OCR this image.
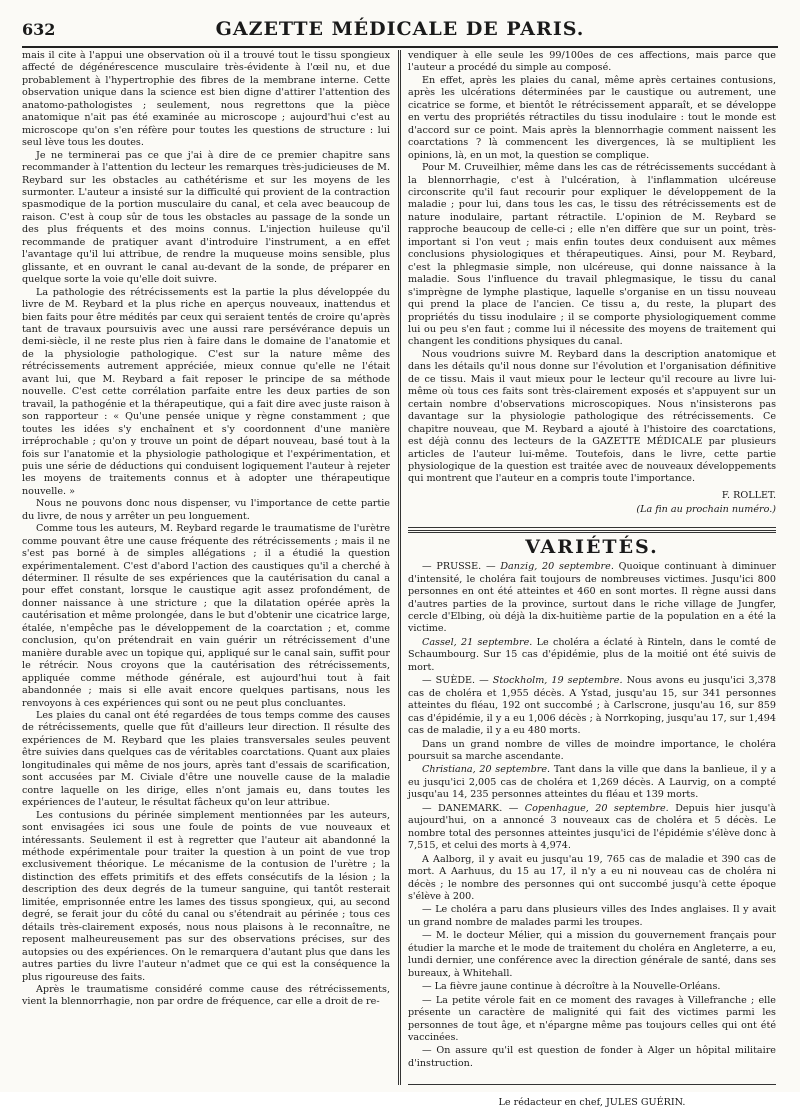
632	GAZETTE MÉDICALE DE PARIS.

mais il cite à l'appui une observation où il a trouvé tout le tissu spongieux affecté de dégénérescence musculaire très-évidente à l'œil nu, et due probablement à l'hypertrophie des fibres de la membrane interne. Cette observation unique dans la science est bien digne d'attirer l'attention des anatomo-pathologistes ; seulement, nous regrettons que la pièce anatomique n'ait pas été examinée au microscope ; aujourd'hui c'est au microscope qu'on s'en réfère pour toutes les questions de structure : lui seul lève tous les doutes.

Je ne terminerai pas ce que j'ai à dire de ce premier chapitre sans recommander à l'attention du lecteur les remarques très-judicieuses de M. Reybard sur les obstacles au cathétérisme et sur les moyens de les surmonter. L'auteur a insisté sur la difficulté qui provient de la contraction spasmodique de la portion musculaire du canal, et cela avec beaucoup de raison. C'est à coup sûr de tous les obstacles au passage de la sonde un des plus fréquents et des moins connus. L'injection huileuse qu'il recommande de pratiquer avant d'introduire l'instrument, a en effet l'avantage qu'il lui attribue, de rendre la muqueuse moins sensible, plus glissante, et en ouvrant le canal au-devant de la sonde, de préparer en quelque sorte la voie qu'elle doit suivre.

La pathologie des rétrécissements est la partie la plus développée du livre de M. Reybard et la plus riche en aperçus nouveaux, inattendus et bien faits pour être médités par ceux qui seraient tentés de croire qu'après tant de travaux poursuivis avec une aussi rare persévérance depuis un demi-siècle, il ne reste plus rien à faire dans le domaine de l'anatomie et de la physiologie pathologique. C'est sur la nature même des rétrécissements autrement appréciée, mieux connue qu'elle ne l'était avant lui, que M. Reybard a fait reposer le principe de sa méthode nouvelle. C'est cette corrélation parfaite entre les deux parties de son travail, la pathogénie et la thérapeutique, qui a fait dire avec juste raison à son rapporteur : « Qu'une pensée unique y règne constamment ; que toutes les idées s'y enchaînent et s'y coordonnent d'une manière irréprochable ; qu'on y trouve un point de départ nouveau, basé tout à la fois sur l'anatomie et la physiologie pathologique et l'expérimentation, et puis une série de déductions qui conduisent logiquement l'auteur à rejeter les moyens de traitements connus et à adopter une thérapeutique nouvelle. »

Nous ne pouvons donc nous dispenser, vu l'importance de cette partie du livre, de nous y arrêter un peu longuement.

Comme tous les auteurs, M. Reybard regarde le traumatisme de l'urètre comme pouvant être une cause fréquente des rétrécissements ; mais il ne s'est pas borné à de simples allégations ; il a étudié la question expérimentalement. C'est d'abord l'action des caustiques qu'il a cherché à déterminer. Il résulte de ses expériences que la cautérisation du canal a pour effet constant, lorsque le caustique agit assez profondément, de donner naissance à une stricture ; que la dilatation opérée après la cautérisation et même prolongée, dans le but d'obtenir une cicatrice large, étalée, n'empêche pas le développement de la coarctation ; et, comme conclusion, qu'on prétendrait en vain guérir un rétrécissement d'une manière durable avec un topique qui, appliqué sur le canal sain, suffit pour le rétrécir. Nous croyons que la cautérisation des rétrécissements, appliquée comme méthode générale, est aujourd'hui tout à fait abandonnée ; mais si elle avait encore quelques partisans, nous les renvoyons à ces expériences qui sont ou ne peut plus concluantes.

Les plaies du canal ont été regardées de tous temps comme des causes de rétrécissements, quelle que fût d'ailleurs leur direction. Il résulte des expériences de M. Reybard que les plaies transversales seules peuvent être suivies dans quelques cas de véritables coarctations. Quant aux plaies longitudinales qui même de nos jours, après tant d'essais de scarification, sont accusées par M. Civiale d'être une nouvelle cause de la maladie contre laquelle on les dirige, elles n'ont jamais eu, dans toutes les expériences de l'auteur, le résultat fâcheux qu'on leur attribue.

Les contusions du périnée simplement mentionnées par les auteurs, sont envisagées ici sous une foule de points de vue nouveaux et intéressants. Seulement il est à regretter que l'auteur ait abandonné la méthode expérimentale pour traiter la question à un point de vue trop exclusivement théorique. Le mécanisme de la contusion de l'urètre ; la distinction des effets primitifs et des effets consécutifs de la lésion ; la description des deux degrés de la tumeur sanguine, qui tantôt resterait limitée, emprisonnée entre les lames des tissus spongieux, qui, au second degré, se ferait jour du côté du canal ou s'étendrait au périnée ; tous ces détails très-clairement exposés, nous nous plaisons à le reconnaître, ne reposent malheureusement pas sur des observations précises, sur des autopsies ou des expériences. On le remarquera d'autant plus que dans les autres parties du livre l'auteur n'admet que ce qui est la conséquence la plus rigoureuse des faits.

Après le traumatisme considéré comme cause des rétrécissements, vient la blennorrhagie, non par ordre de fréquence, car elle a droit de re-

vendiquer à elle seule les 99/100es de ces affections, mais parce que l'auteur a procédé du simple au composé.

En effet, après les plaies du canal, même après certaines contusions, après les ulcérations déterminées par le caustique ou autrement, une cicatrice se forme, et bientôt le rétrécissement apparaît, et se développe en vertu des propriétés rétractiles du tissu inodulaire : tout le monde est d'accord sur ce point. Mais après la blennorrhagie comment naissent les coarctations ? là commencent les divergences, là se multiplient les opinions, là, en un mot, la question se complique.

Pour M. Cruveilhier, même dans les cas de rétrécissements succédant à la blennorrhagie, c'est à l'ulcération, à l'inflammation ulcéreuse circonscrite qu'il faut recourir pour expliquer le développement de la maladie ; pour lui, dans tous les cas, le tissu des rétrécissements est de nature inodulaire, partant rétractile. L'opinion de M. Reybard se rapproche beaucoup de celle-ci ; elle n'en diffère que sur un point, très-important si l'on veut ; mais enfin toutes deux conduisent aux mêmes conclusions physiologiques et thérapeutiques. Ainsi, pour M. Reybard, c'est la phlegmasie simple, non ulcéreuse, qui donne naissance à la maladie. Sous l'influence du travail phlegmasique, le tissu du canal s'imprègne de lymphe plastique, laquelle s'organise en un tissu nouveau qui prend la place de l'ancien. Ce tissu a, du reste, la plupart des propriétés du tissu inodulaire ; il se comporte physiologiquement comme lui ou peu s'en faut ; comme lui il nécessite des moyens de traitement qui changent les conditions physiques du canal.

Nous voudrions suivre M. Reybard dans la description anatomique et dans les détails qu'il nous donne sur l'évolution et l'organisation définitive de ce tissu. Mais il vaut mieux pour le lecteur qu'il recoure au livre lui-même où tous ces faits sont très-clairement exposés et s'appuyent sur un certain nombre d'observations microscopiques. Nous n'insisterons pas davantage sur la physiologie pathologique des rétrécissements. Ce chapitre nouveau, que M. Reybard a ajouté à l'histoire des coarctations, est déjà connu des lecteurs de la GAZETTE MÉDICALE par plusieurs articles de l'auteur lui-même. Toutefois, dans le livre, cette partie physiologique de la question est traitée avec de nouveaux développements qui montrent que l'auteur en a compris toute l'importance.

F. ROLLET.

(La fin au prochain numéro.)

VARIÉTÉS.

— PRUSSE. — Danzig, 20 septembre. Quoique continuant à diminuer d'intensité, le choléra fait toujours de nombreuses victimes. Jusqu'ici 800 personnes en ont été atteintes et 460 en sont mortes. Il règne aussi dans d'autres parties de la province, surtout dans le riche village de Jungfer, cercle d'Elbing, où déjà la dix-huitième partie de la population en a été la victime.

Cassel, 21 septembre. Le choléra a éclaté à Rinteln, dans le comté de Schaumbourg. Sur 15 cas d'épidémie, plus de la moitié ont été suivis de mort.

— SUÈDE. — Stockholm, 19 septembre. Nous avons eu jusqu'ici 3,378 cas de choléra et 1,955 décès. A Ystad, jusqu'au 15, sur 341 personnes atteintes du fléau, 192 ont succombé ; à Carlscrone, jusqu'au 16, sur 859 cas d'épidémie, il y a eu 1,006 décès ; à Norrkoping, jusqu'au 17, sur 1,494 cas de maladie, il y a eu 480 morts.

Dans un grand nombre de villes de moindre importance, le choléra poursuit sa marche ascendante.

Christiana, 20 septembre. Tant dans la ville que dans la banlieue, il y a eu jusqu'ici 2,005 cas de choléra et 1,269 décès. A Laurvig, on a compté jusqu'au 14, 235 personnes atteintes du fléau et 139 morts.

— DANEMARK. — Copenhague, 20 septembre. Depuis hier jusqu'à aujourd'hui, on a annoncé 3 nouveaux cas de choléra et 5 décès. Le nombre total des personnes atteintes jusqu'ici de l'épidémie s'élève donc à 7,515, et celui des morts à 4,974.

A Aalborg, il y avait eu jusqu'au 19, 765 cas de maladie et 390 cas de mort. A Aarhuus, du 15 au 17, il n'y a eu ni nouveau cas de choléra ni décès ; le nombre des personnes qui ont succombé jusqu'à cette époque s'élève à 200.

— Le choléra a paru dans plusieurs villes des Indes anglaises. Il y avait un grand nombre de malades parmi les troupes.

— M. le docteur Mélier, qui a mission du gouvernement français pour étudier la marche et le mode de traitement du choléra en Angleterre, a eu, lundi dernier, une conférence avec la direction générale de santé, dans ses bureaux, à Whitehall.

— La fièvre jaune continue à décroître à la Nouvelle-Orléans.

— La petite vérole fait en ce moment des ravages à Villefranche ; elle présente un caractère de malignité qui fait des victimes parmi les personnes de tout âge, et n'épargne même pas toujours celles qui ont été vaccinées.

— On assure qu'il est question de fonder à Alger un hôpital militaire d'instruction.

Le rédacteur en chef, JULES GUÉRIN.
